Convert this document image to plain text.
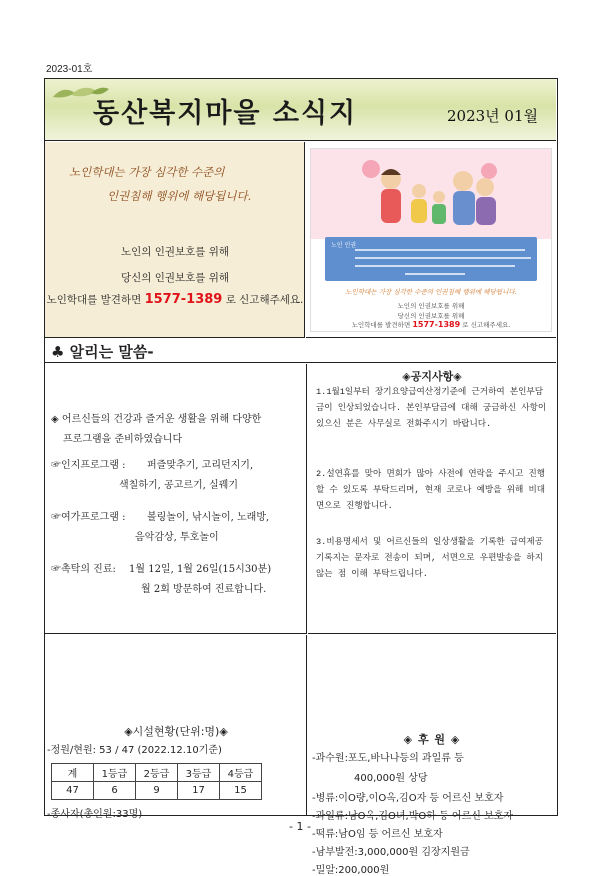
2023-01호
동산복지마을 소식지	2023년 01월
노인학대는 가장 심각한 수준의
인권침해 행위에 해당됩니다.
노인의 인권보호를 위해
당신의 인권보호를 위해
노인학대를 발견하면 1577-1389 로 신고해주세요.
노인 인권
노인학대는 가장 심각한 수준의 인권침해 행위에 해당됩니다.
노인의 인권보호를 위해
당신의 인권보호를 위해
노인학대를 발견하면 1577-1389 로 신고해주세요.
♣ 알리는 말씀-
◈ 어르신들의 건강과 즐거운 생활을 위해 다양한
프로그램을 준비하였습니다
☞인지프로그램 : 퍼즐맞추기, 고리던지기,
색칠하기, 공고르기, 실꿰기
☞여가프로그램 : 볼링놀이, 낚시놀이, 노래방,
음악감상, 투호놀이
☞촉탁의 진료: 1월 12일, 1월 26일(15시30분)
월 2회 방문하여 진료합니다.
◈공지사항◈
1.1월1일부터 장기요양급여산정기준에 근거하여 본인부담금이 인상되었습니다. 본인부담금에 대해 궁금하신 사항이 있으신 분은 사무실로 전화주시기 바랍니다.
2.설연휴를 맞아 면회가 많아 사전에 연락을 주시고 진행할 수 있도록 부탁드리며, 현재 코로나 예방을 위해 비대면으로 진행합니다.
3.비용명세서 및 어르신들의 일상생활을 기록한 급여제공기록지는 문자로 전송이 되며, 서면으로 우편발송을 하지 않는 점 이해 부탁드립니다.
◈시설현황(단위:명)◈
-정원/현원: 53 / 47 (2022.12.10기준)
계	1등급	2등급	3등급	4등급
47	6	9	17	15
-종사자(총인원:33명)
◈ 후 원 ◈
-과수원:포도,바나나등의 과일류 등
400,000원 상당
-병류:이O량,이O옥,김O자 등 어르신 보호자
-과일류:남O옥,김O녀,박O하 등 어르신 보호자
-떡류:남O임 등 어르신 보호자
-남부발전:3,000,000원 김장지원금
-밀알:200,000원
- 1 -
